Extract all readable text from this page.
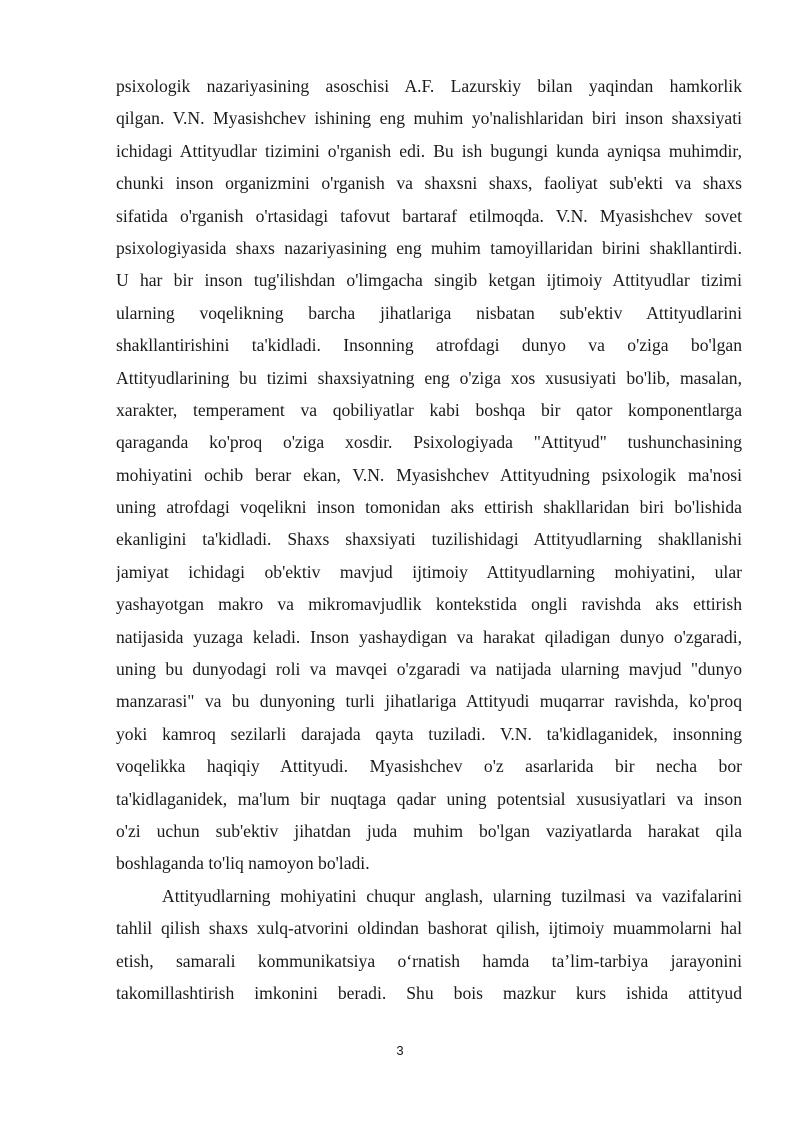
psixologik nazariyasining asoschisi A.F. Lazurskiy bilan yaqindan hamkorlik
qilgan. V.N. Myasishchev ishining eng muhim yo'nalishlaridan biri inson shaxsiyati
ichidagi Attityudlar tizimini o'rganish edi. Bu ish bugungi kunda ayniqsa muhimdir,
chunki inson organizmini o'rganish va shaxsni shaxs, faoliyat sub'ekti va shaxs
sifatida o'rganish o'rtasidagi tafovut bartaraf etilmoqda. V.N. Myasishchev sovet
psixologiyasida shaxs nazariyasining eng muhim tamoyillaridan birini shakllantirdi.
U har bir inson tug'ilishdan o'limgacha singib ketgan ijtimoiy Attityudlar tizimi
ularning voqelikning barcha jihatlariga nisbatan sub'ektiv Attityudlarini
shakllantirishini ta'kidladi. Insonning atrofdagi dunyo va o'ziga bo'lgan
Attityudlarining bu tizimi shaxsiyatning eng o'ziga xos xususiyati bo'lib, masalan,
xarakter, temperament va qobiliyatlar kabi boshqa bir qator komponentlarga
qaraganda ko'proq o'ziga xosdir. Psixologiyada "Attityud" tushunchasining
mohiyatini ochib berar ekan, V.N. Myasishchev Attityudning psixologik ma'nosi
uning atrofdagi voqelikni inson tomonidan aks ettirish shakllaridan biri bo'lishida
ekanligini ta'kidladi. Shaxs shaxsiyati tuzilishidagi Attityudlarning shakllanishi
jamiyat ichidagi ob'ektiv mavjud ijtimoiy Attityudlarning mohiyatini, ular
yashayotgan makro va mikromavjudlik kontekstida ongli ravishda aks ettirish
natijasida yuzaga keladi. Inson yashaydigan va harakat qiladigan dunyo o'zgaradi,
uning bu dunyodagi roli va mavqei o'zgaradi va natijada ularning mavjud "dunyo
manzarasi" va bu dunyoning turli jihatlariga Attityudi muqarrar ravishda, ko'proq
yoki kamroq sezilarli darajada qayta tuziladi. V.N. ta'kidlaganidek, insonning
voqelikka haqiqiy Attityudi. Myasishchev o'z asarlarida bir necha bor
ta'kidlaganidek, ma'lum bir nuqtaga qadar uning potentsial xususiyatlari va inson
o'zi uchun sub'ektiv jihatdan juda muhim bo'lgan vaziyatlarda harakat qila
boshlaganda to'liq namoyon bo'ladi.
Attityudlarning mohiyatini chuqur anglash, ularning tuzilmasi va vazifalarini
tahlil qilish shaxs xulq-atvorini oldindan bashorat qilish, ijtimoiy muammolarni hal
etish, samarali kommunikatsiya o‘rnatish hamda ta’lim-tarbiya jarayonini
takomillashtirish imkonini beradi. Shu bois mazkur kurs ishida attityud
3
